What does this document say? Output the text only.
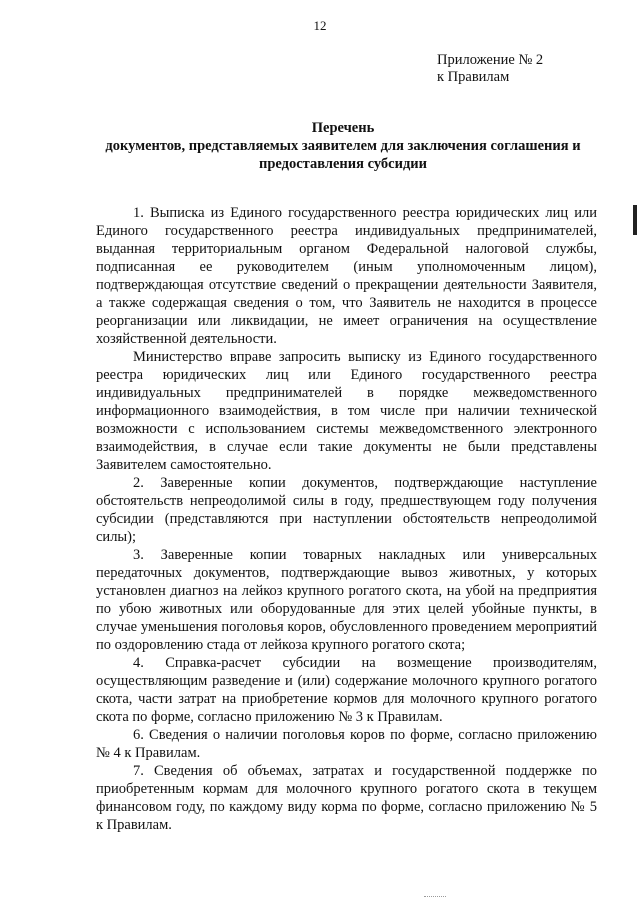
12
Приложение № 2
к Правилам
Перечень
документов, представляемых заявителем для заключения соглашения и
предоставления субсидии

1. Выписка из Единого государственного реестра юридических лиц или Единого государственного реестра индивидуальных предпринимателей, выданная территориальным органом Федеральной налоговой службы, подписанная ее руководителем (иным уполномоченным лицом), подтверждающая отсутствие сведений о прекращении деятельности Заявителя, а также содержащая сведения о том, что Заявитель не находится в процессе реорганизации или ликвидации, не имеет ограничения на осуществление хозяйственной деятельности.

Министерство вправе запросить выписку из Единого государственного реестра юридических лиц или Единого государственного реестра индивидуальных предпринимателей в порядке межведомственного информационного взаимодействия, в том числе при наличии технической возможности с использованием системы межведомственного электронного взаимодействия, в случае если такие документы не были представлены Заявителем самостоятельно.

2. Заверенные копии документов, подтверждающие наступление обстоятельств непреодолимой силы в году, предшествующем году получения субсидии (представляются при наступлении обстоятельств непреодолимой силы);

3. Заверенные копии товарных накладных или универсальных передаточных документов, подтверждающие вывоз животных, у которых установлен диагноз на лейкоз крупного рогатого скота, на убой на предприятия по убою животных или оборудованные для этих целей убойные пункты, в случае уменьшения поголовья коров, обусловленного проведением мероприятий по оздоровлению стада от лейкоза крупного рогатого скота;

4. Справка-расчет субсидии на возмещение производителям, осуществляющим разведение и (или) содержание молочного крупного рогатого скота, части затрат на приобретение кормов для молочного крупного рогатого скота по форме, согласно приложению № 3 к Правилам.

6. Сведения о наличии поголовья коров по форме, согласно приложению № 4 к Правилам.

7. Сведения об объемах, затратах и государственной поддержке по приобретенным кормам для молочного крупного рогатого скота в текущем финансовом году, по каждому виду корма по форме, согласно приложению № 5 к Правилам.
